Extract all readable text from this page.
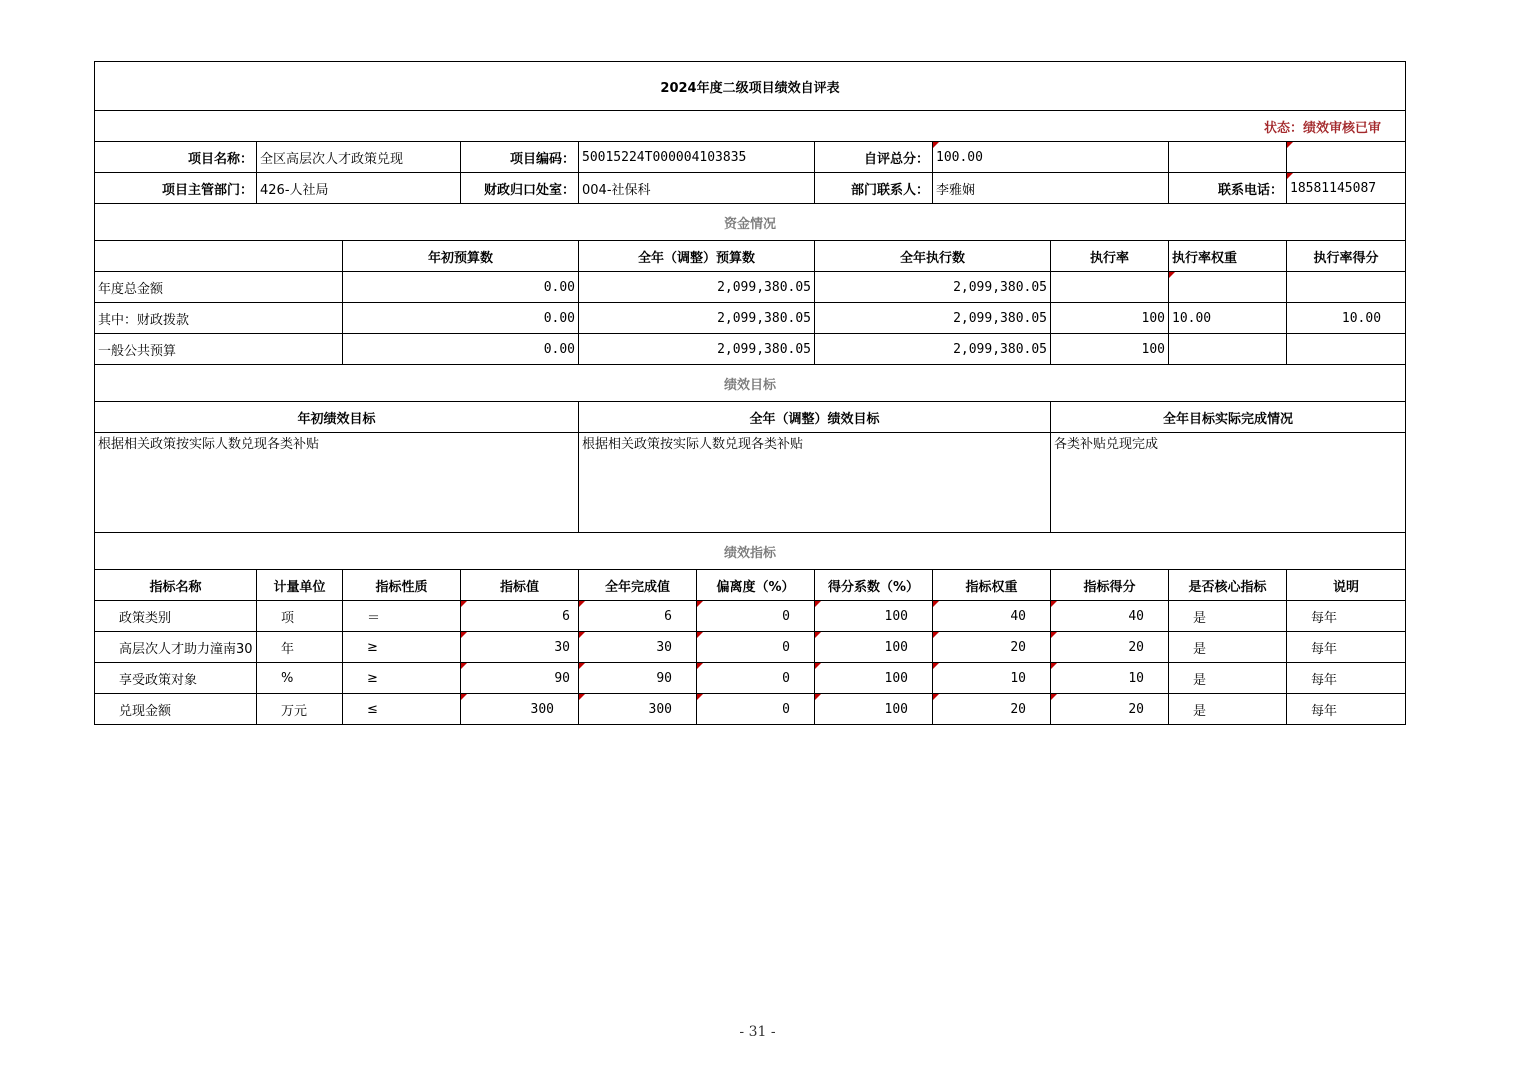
2024年度二级项目绩效自评表										
状态：绩效审核已审										
项目名称：	全区高层次人才政策兑现		项目编码：	50015224T000004103835		自评总分：	100.00			
项目主管部门：	426-人社局		财政归口处室：	004-社保科		部门联系人：	李雅娴		联系电话：	18581145087
资金情况										
		年初预算数		全年（调整）预算数		全年执行数		执行率	执行率权重	执行率得分
年度总金额		0.00		2,099,380.05		2,099,380.05				
其中：财政拨款		0.00		2,099,380.05		2,099,380.05		100	10.00	10.00
一般公共预算		0.00		2,099,380.05		2,099,380.05		100		
绩效目标										
年初绩效目标				全年（调整）绩效目标				全年目标实际完成情况		
根据相关政策按实际人数兑现各类补贴				根据相关政策按实际人数兑现各类补贴				各类补贴兑现完成		
绩效指标										
指标名称	计量单位	指标性质	指标值	全年完成值	偏离度（%）	得分系数（%）	指标权重	指标得分	是否核心指标	说明
政策类别	项	＝	6	6	0	100	40	40	是	每年
高层次人才助力潼南30	年	≥	30	30	0	100	20	20	是	每年
享受政策对象	%	≥	90	90	0	100	10	10	是	每年
兑现金额	万元	≤	300	300	0	100	20	20	是	每年
- 31 -
